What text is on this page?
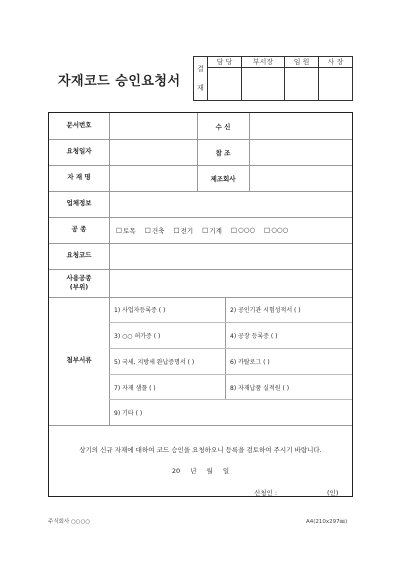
자재코드 승인요청서
결
재	담 당	부서장	임 원	사 장

문서번호	수 신
요청일자	참 조
자 재 명	제조회사
업체정보
공 종	□ 토목 □ 건축 □ 전기 □ 기계 □ ○○○ □ ○○○
요청코드
사용공종
(부위)
첨부서류
1) 사업자등록증 ( )	2) 공인기관 시험성적서 ( )
3) ○○ 허가증 ( )	4) 공장 등록증 ( )
5) 국세, 지방세 완납증명서 ( )	6) 카탈로그 ( )
7) 자재 샘플 ( )	8) 자재납품 실적원 ( )
9) 기타 ( )
상기의 신규 자재에 대하여 코드 승인을 요청하오니 등록을 검토하여 주시기 바랍니다.
20 년 월 일
신청인 :	(인)
주식회사 ○○○○	A4(210x297㎜)
